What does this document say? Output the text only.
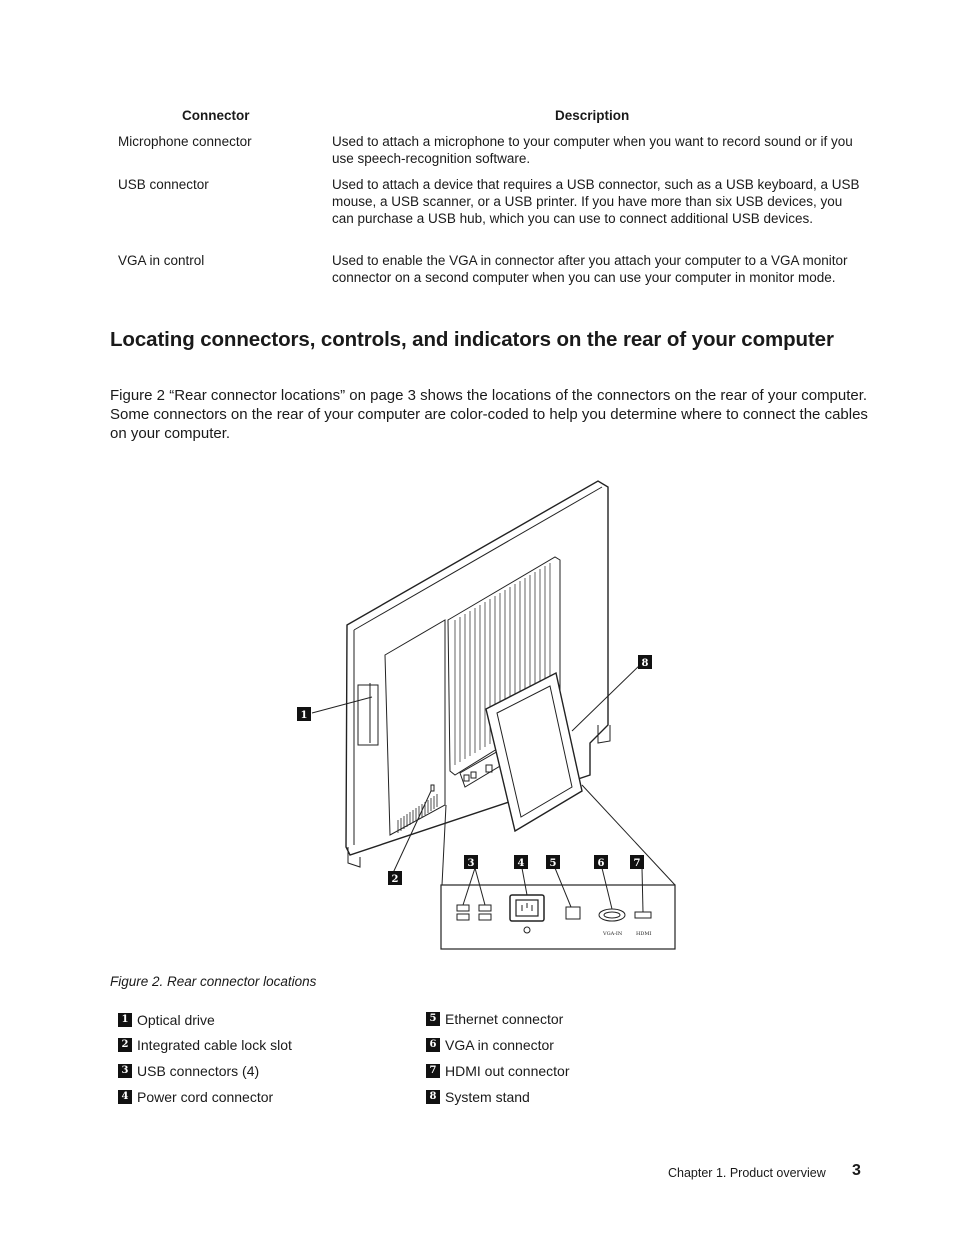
Connector	Description
Microphone connector	Used to attach a microphone to your computer when you want to record sound or if you use speech-recognition software.
USB connector	Used to attach a device that requires a USB connector, such as a USB keyboard, a USB mouse, a USB scanner, or a USB printer. If you have more than six USB devices, you can purchase a USB hub, which you can use to connect additional USB devices.
VGA in control	Used to enable the VGA in connector after you attach your computer to a VGA monitor connector on a second computer when you can use your computer in monitor mode.
Locating connectors, controls, and indicators on the rear of your computer
Figure 2 “Rear connector locations” on page 3 shows the locations of the connectors on the rear of your computer. Some connectors on the rear of your computer are color-coded to help you determine where to connect the cables on your computer.
VGA-IN	HDMI
1
2
3	4	5	6	7
8
Figure 2. Rear connector locations
1 Optical drive
2 Integrated cable lock slot
3 USB connectors (4)
4 Power cord connector
5 Ethernet connector
6 VGA in connector
7 HDMI out connector
8 System stand
Chapter 1. Product overview 3
